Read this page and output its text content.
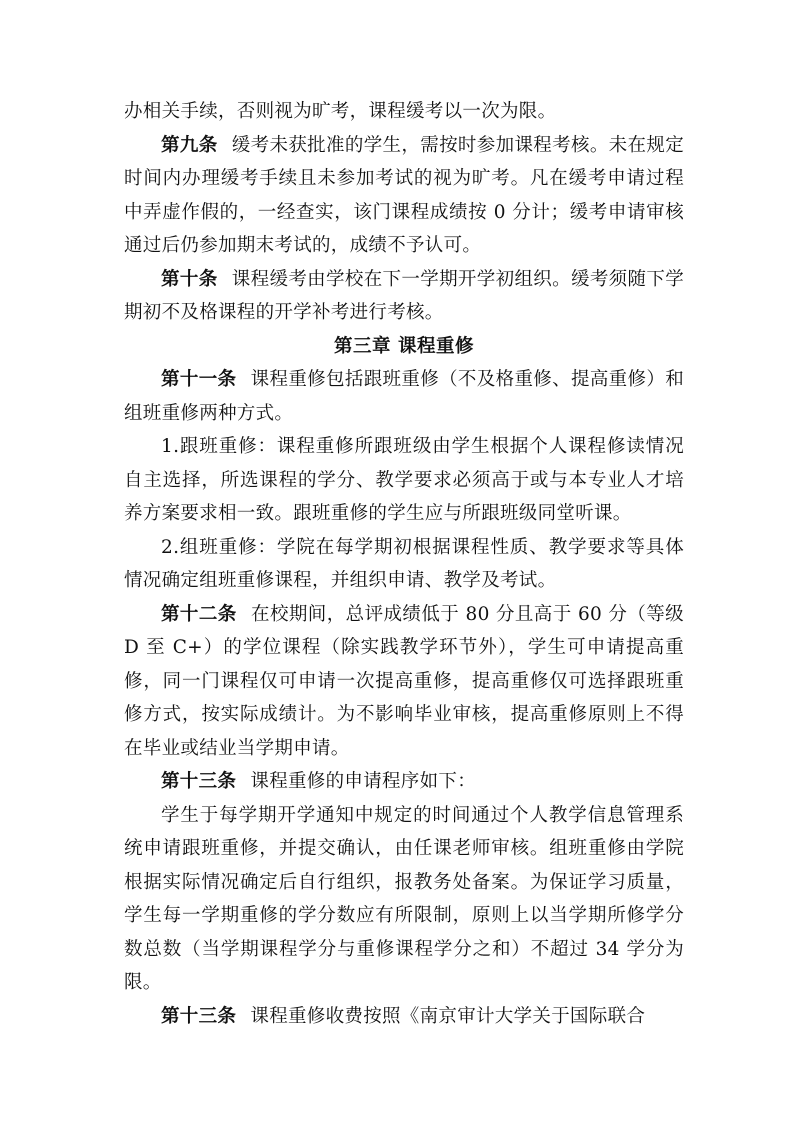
办相关手续，否则视为旷考，课程缓考以一次为限。

第九条 缓考未获批准的学生，需按时参加课程考核。未在规定时间内办理缓考手续且未参加考试的视为旷考。凡在缓考申请过程中弄虚作假的，一经查实，该门课程成绩按 0 分计；缓考申请审核通过后仍参加期末考试的，成绩不予认可。

第十条 课程缓考由学校在下一学期开学初组织。缓考须随下学期初不及格课程的开学补考进行考核。

第三章 课程重修

第十一条 课程重修包括跟班重修（不及格重修、提高重修）和组班重修两种方式。

1.跟班重修：课程重修所跟班级由学生根据个人课程修读情况自主选择，所选课程的学分、教学要求必须高于或与本专业人才培养方案要求相一致。跟班重修的学生应与所跟班级同堂听课。

2.组班重修：学院在每学期初根据课程性质、教学要求等具体情况确定组班重修课程，并组织申请、教学及考试。

第十二条 在校期间，总评成绩低于 80 分且高于 60 分（等级 D 至 C+）的学位课程（除实践教学环节外），学生可申请提高重修，同一门课程仅可申请一次提高重修，提高重修仅可选择跟班重修方式，按实际成绩计。为不影响毕业审核，提高重修原则上不得在毕业或结业当学期申请。

第十三条 课程重修的申请程序如下：

学生于每学期开学通知中规定的时间通过个人教学信息管理系统申请跟班重修，并提交确认，由任课老师审核。组班重修由学院根据实际情况确定后自行组织，报教务处备案。为保证学习质量，学生每一学期重修的学分数应有所限制，原则上以当学期所修学分数总数（当学期课程学分与重修课程学分之和）不超过 34 学分为限。

第十三条 课程重修收费按照《南京审计大学关于国际联合
